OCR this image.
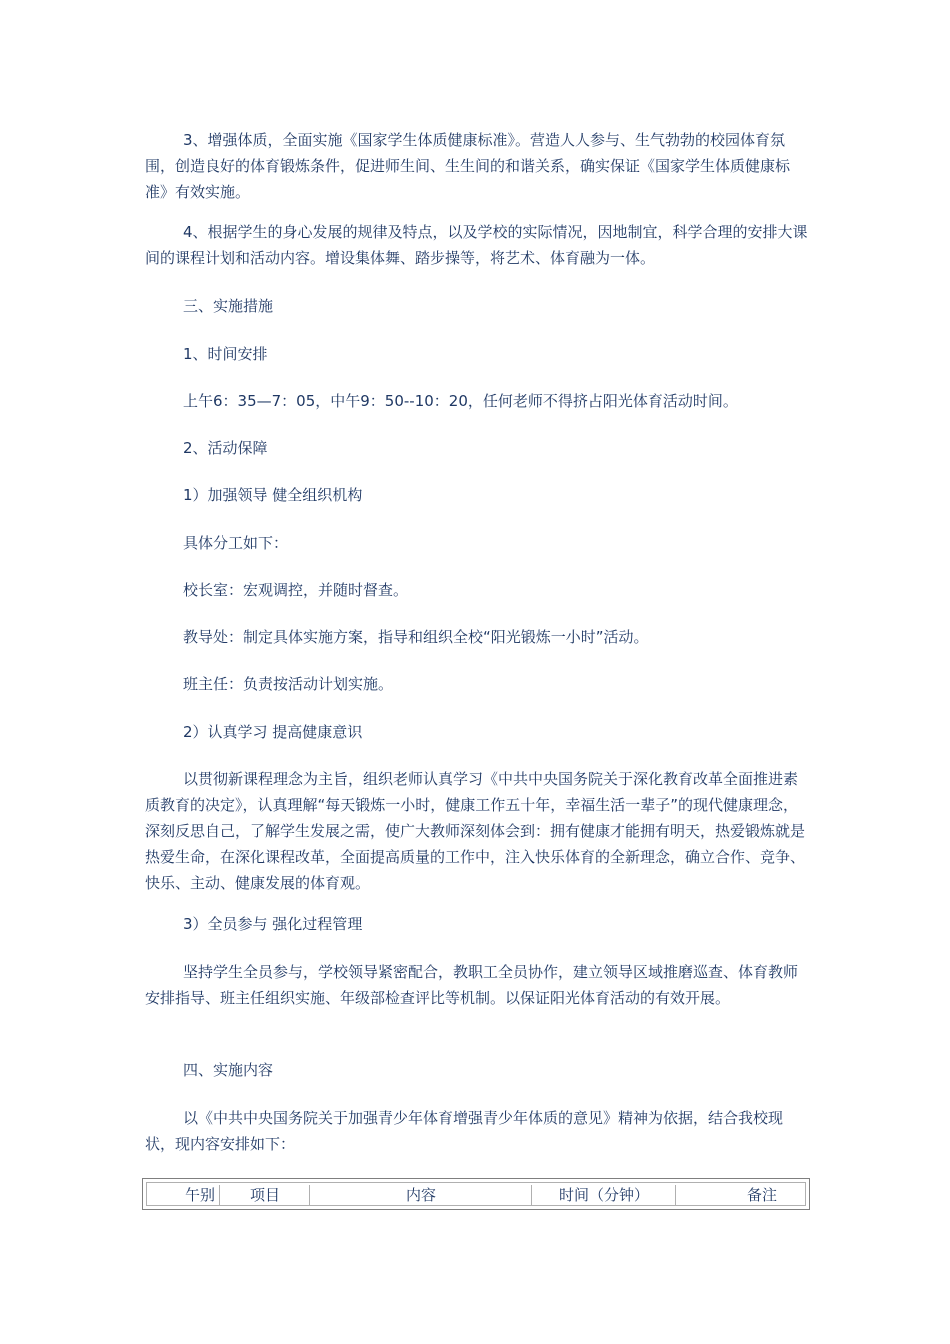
3、增强体质，全面实施《国家学生体质健康标准》。营造人人参与、生气勃勃的校园体育氛围，创造良好的体育锻炼条件，促进师生间、生生间的和谐关系，确实保证《国家学生体质健康标准》有效实施。

4、根据学生的身心发展的规律及特点，以及学校的实际情况，因地制宜，科学合理的安排大课间的课程计划和活动内容。增设集体舞、踏步操等，将艺术、体育融为一体。

三、实施措施

1、时间安排

上午6：35—7：05，中午9：50--10：20，任何老师不得挤占阳光体育活动时间。

2、活动保障

1）加强领导 健全组织机构

具体分工如下：

校长室：宏观调控，并随时督查。

教导处：制定具体实施方案，指导和组织全校“阳光锻炼一小时”活动。

班主任：负责按活动计划实施。

2）认真学习 提高健康意识

以贯彻新课程理念为主旨，组织老师认真学习《中共中央国务院关于深化教育改革全面推进素质教育的决定》，认真理解“每天锻炼一小时，健康工作五十年，幸福生活一辈子”的现代健康理念，深刻反思自己，了解学生发展之需，使广大教师深刻体会到：拥有健康才能拥有明天，热爱锻炼就是热爱生命，在深化课程改革，全面提高质量的工作中，注入快乐体育的全新理念，确立合作、竞争、快乐、主动、健康发展的体育观。

3）全员参与 强化过程管理

坚持学生全员参与，学校领导紧密配合，教职工全员协作，建立领导区域推磨巡查、体育教师安排指导、班主任组织实施、年级部检查评比等机制。以保证阳光体育活动的有效开展。

四、实施内容

以《中共中央国务院关于加强青少年体育增强青少年体质的意见》精神为依据，结合我校现状，现内容安排如下：

午别	项目	内容	时间（分钟）	备注
